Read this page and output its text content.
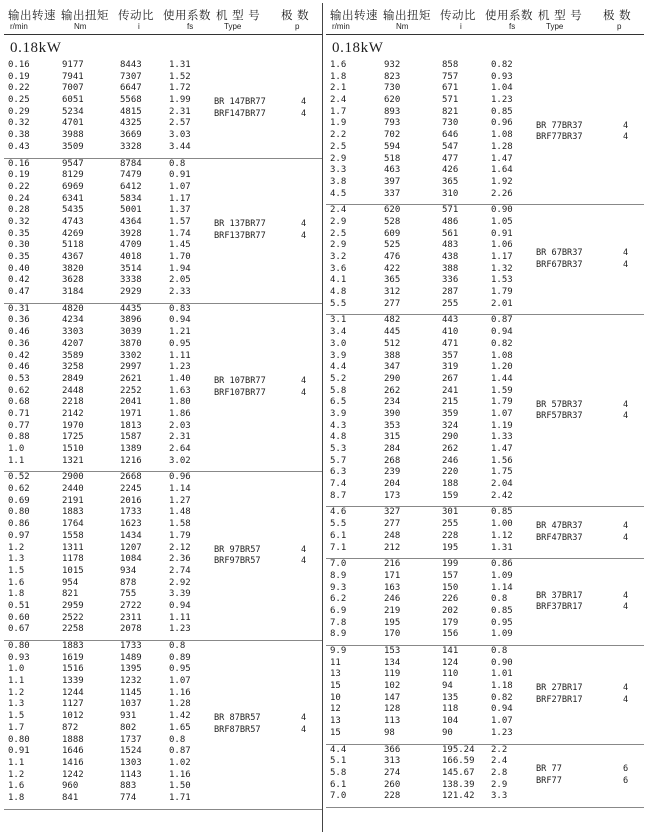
输出转速
r/min
输出扭矩
Nm
传动比
i
使用系数
fs
机 型 号
Type
极 数
p
0.18kW
0.16	9177	8443	1.31
0.19	7941	7307	1.52
0.22	7007	6647	1.72
0.25	6051	5568	1.99
0.29	5234	4815	2.31
0.32	4701	4325	2.57
0.38	3988	3669	3.03
0.43	3509	3328	3.44
BR 147BR77	4
BRF147BR77	4
0.16	9547	8784	0.8
0.19	8129	7479	0.91
0.22	6969	6412	1.07
0.24	6341	5834	1.17
0.28	5435	5001	1.37
0.32	4743	4364	1.57
0.35	4269	3928	1.74
0.30	5118	4709	1.45
0.35	4367	4018	1.70
0.40	3820	3514	1.94
0.42	3628	3338	2.05
0.47	3184	2929	2.33
BR 137BR77	4
BRF137BR77	4
0.31	4820	4435	0.83
0.36	4234	3896	0.94
0.46	3303	3039	1.21
0.36	4207	3870	0.95
0.42	3589	3302	1.11
0.46	3258	2997	1.23
0.53	2849	2621	1.40
0.62	2448	2252	1.63
0.68	2218	2041	1.80
0.71	2142	1971	1.86
0.77	1970	1813	2.03
0.88	1725	1587	2.31
1.0	1510	1389	2.64
1.1	1321	1216	3.02
BR 107BR77	4
BRF107BR77	4
0.52	2900	2668	0.96
0.62	2440	2245	1.14
0.69	2191	2016	1.27
0.80	1883	1733	1.48
0.86	1764	1623	1.58
0.97	1558	1434	1.79
1.2	1311	1207	2.12
1.3	1178	1084	2.36
1.5	1015	934	2.74
1.6	954	878	2.92
1.8	821	755	3.39
0.51	2959	2722	0.94
0.60	2522	2311	1.11
0.67	2258	2078	1.23
BR 97BR57	4
BRF97BR57	4
0.80	1883	1733	0.8
0.93	1619	1489	0.89
1.0	1516	1395	0.95
1.1	1339	1232	1.07
1.2	1244	1145	1.16
1.3	1127	1037	1.28
1.5	1012	931	1.42
1.7	872	802	1.65
0.80	1888	1737	0.8
0.91	1646	1524	0.87
1.1	1416	1303	1.02
1.2	1242	1143	1.16
1.6	960	883	1.50
1.8	841	774	1.71
BR 87BR57	4
BRF87BR57	4
输出转速
r/min
输出扭矩
Nm
传动比
i
使用系数
fs
机 型 号
Type
极 数
p
0.18kW
1.6	932	858	0.82
1.8	823	757	0.93
2.1	730	671	1.04
2.4	620	571	1.23
1.7	893	821	0.85
1.9	793	730	0.96
2.2	702	646	1.08
2.5	594	547	1.28
2.9	518	477	1.47
3.3	463	426	1.64
3.8	397	365	1.92
4.5	337	310	2.26
BR 77BR37	4
BRF77BR37	4
2.4	620	571	0.90
2.9	528	486	1.05
2.5	609	561	0.91
2.9	525	483	1.06
3.2	476	438	1.17
3.6	422	388	1.32
4.1	365	336	1.53
4.8	312	287	1.79
5.5	277	255	2.01
BR 67BR37	4
BRF67BR37	4
3.1	482	443	0.87
3.4	445	410	0.94
3.0	512	471	0.82
3.9	388	357	1.08
4.4	347	319	1.20
5.2	290	267	1.44
5.8	262	241	1.59
6.5	234	215	1.79
3.9	390	359	1.07
4.3	353	324	1.19
4.8	315	290	1.33
5.3	284	262	1.47
5.7	268	246	1.56
6.3	239	220	1.75
7.4	204	188	2.04
8.7	173	159	2.42
BR 57BR37	4
BRF57BR37	4
4.6	327	301	0.85
5.5	277	255	1.00
6.1	248	228	1.12
7.1	212	195	1.31
BR 47BR37	4
BRF47BR37	4
7.0	216	199	0.86
8.9	171	157	1.09
9.3	163	150	1.14
6.2	246	226	0.8
6.9	219	202	0.85
7.8	195	179	0.95
8.9	170	156	1.09
BR 37BR17	4
BRF37BR17	4
9.9	153	141	0.8
11	134	124	0.90
13	119	110	1.01
15	102	94	1.18
10	147	135	0.82
12	128	118	0.94
13	113	104	1.07
15	98	90	1.23
BR 27BR17	4
BRF27BR17	4
4.4	366	195.24 2.2
5.1	313	166.59 2.4
5.8	274	145.67 2.8
6.1	260	138.39 2.9
7.0	228	121.42 3.3
BR 77	6
BRF77	6
